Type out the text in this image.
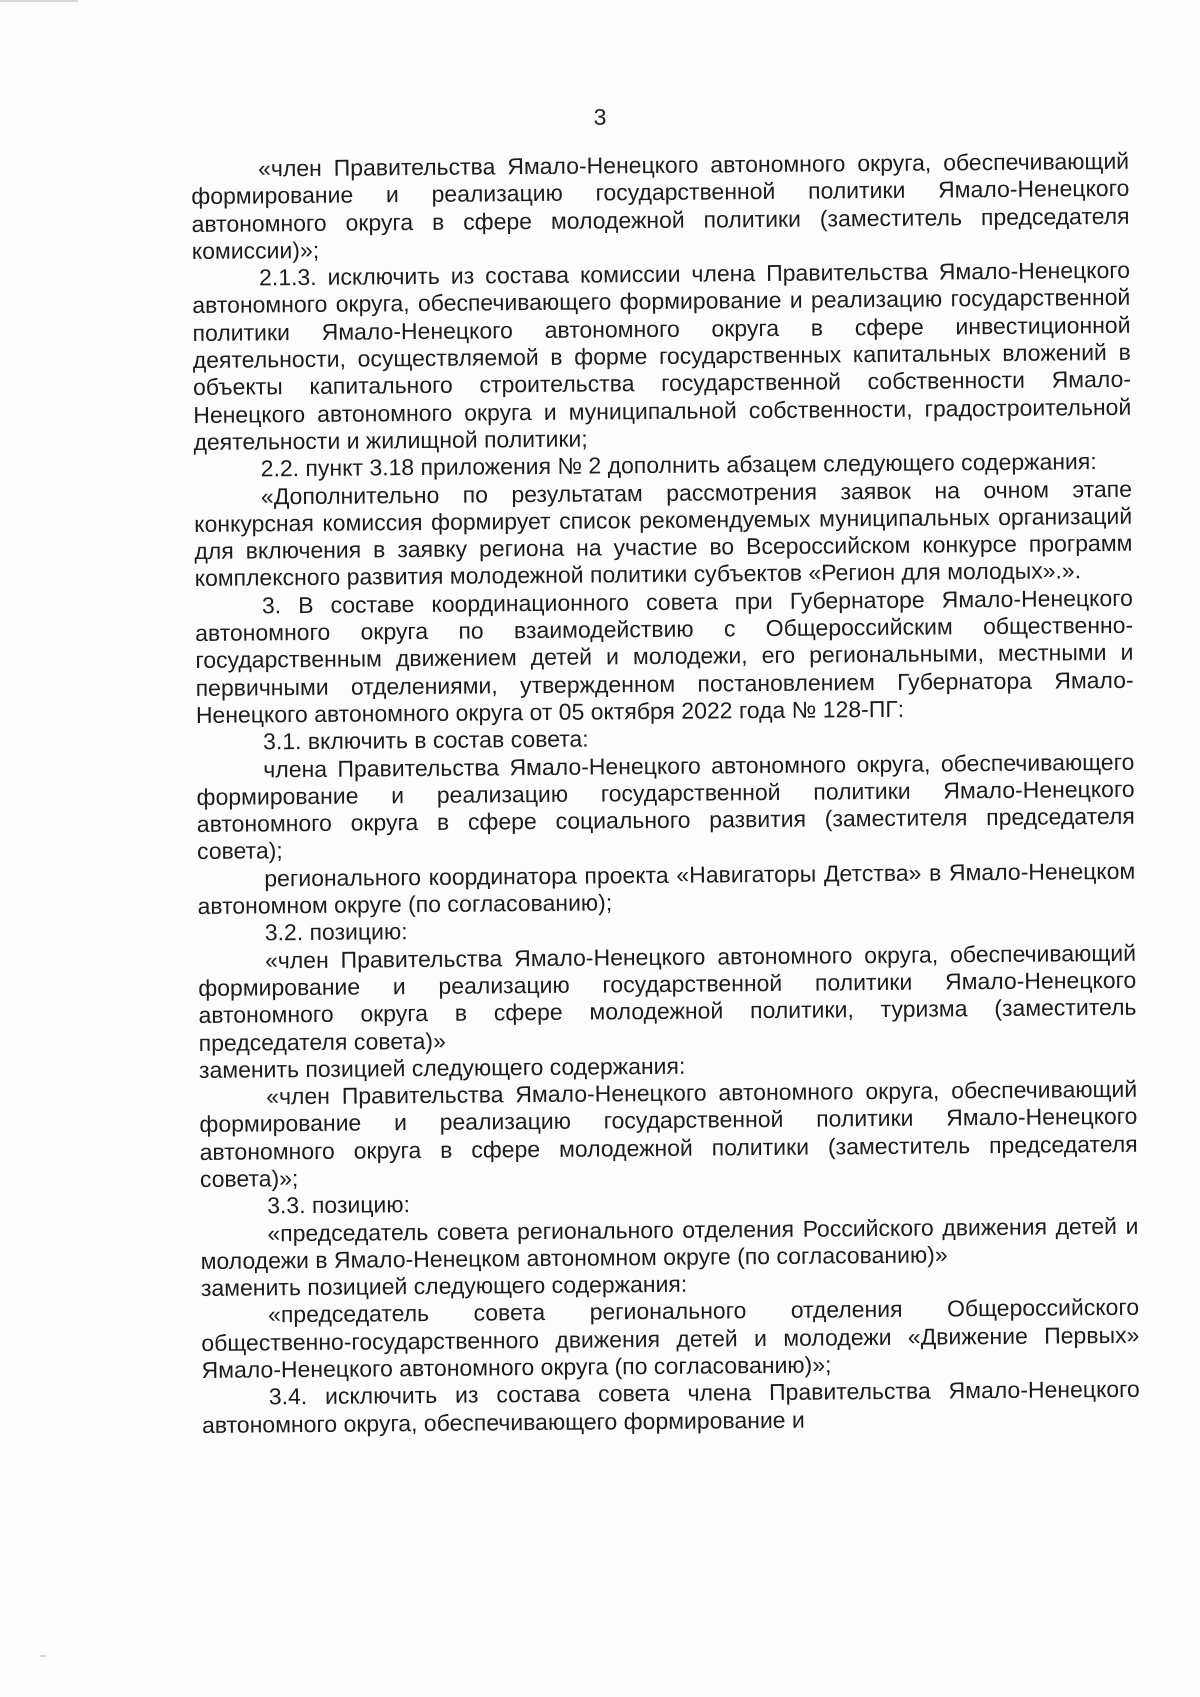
3

«член Правительства Ямало-Ненецкого автономного округа, обеспечивающий формирование и реализацию государственной политики Ямало-Ненецкого автономного округа в сфере молодежной политики (заместитель председателя комиссии)»;

2.1.3. исключить из состава комиссии члена Правительства Ямало-Ненецкого автономного округа, обеспечивающего формирование и реализацию государственной политики Ямало-Ненецкого автономного округа в сфере инвестиционной деятельности, осуществляемой в форме государственных капитальных вложений в объекты капитального строительства государственной собственности Ямало-Ненецкого автономного округа и муниципальной собственности, градостроительной деятельности и жилищной политики;

2.2. пункт 3.18 приложения № 2 дополнить абзацем следующего содержания:

«Дополнительно по результатам рассмотрения заявок на очном этапе конкурсная комиссия формирует список рекомендуемых муниципальных организаций для включения в заявку региона на участие во Всероссийском конкурсе программ комплексного развития молодежной политики субъектов «Регион для молодых».».

3. В составе координационного совета при Губернаторе Ямало-Ненецкого автономного округа по взаимодействию с Общероссийским общественно-государственным движением детей и молодежи, его региональными, местными и первичными отделениями, утвержденном постановлением Губернатора Ямало-Ненецкого автономного округа от 05 октября 2022 года № 128-ПГ:

3.1. включить в состав совета:

члена Правительства Ямало-Ненецкого автономного округа, обеспечивающего формирование и реализацию государственной политики Ямало-Ненецкого автономного округа в сфере социального развития (заместителя председателя совета);

регионального координатора проекта «Навигаторы Детства» в Ямало-Ненецком автономном округе (по согласованию);

3.2. позицию:

«член Правительства Ямало-Ненецкого автономного округа, обеспечивающий формирование и реализацию государственной политики Ямало-Ненецкого автономного округа в сфере молодежной политики, туризма (заместитель председателя совета)»

заменить позицией следующего содержания:

«член Правительства Ямало-Ненецкого автономного округа, обеспечивающий формирование и реализацию государственной политики Ямало-Ненецкого автономного округа в сфере молодежной политики (заместитель председателя совета)»;

3.3. позицию:

«председатель совета регионального отделения Российского движения детей и молодежи в Ямало-Ненецком автономном округе (по согласованию)»

заменить позицией следующего содержания:

«председатель совета регионального отделения Общероссийского общественно-государственного движения детей и молодежи «Движение Первых» Ямало-Ненецкого автономного округа (по согласованию)»;

3.4. исключить из состава совета члена Правительства Ямало-Ненецкого автономного округа, обеспечивающего формирование и
